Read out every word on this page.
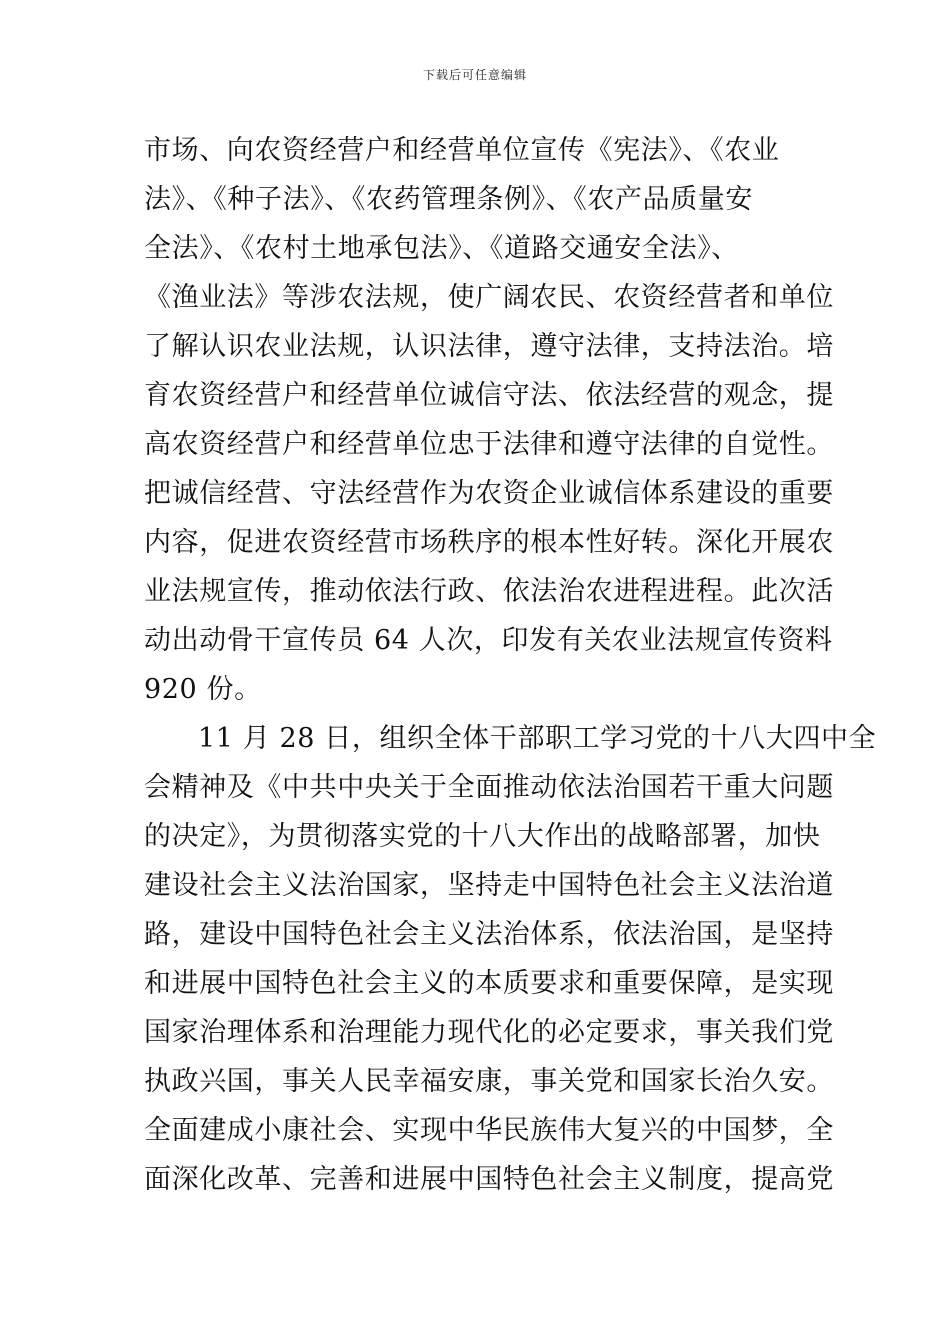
下载后可任意编辑
市场、向农资经营户和经营单位宣传《宪法》、《农业
法》、《种子法》、《农药管理条例》、《农产品质量安
全法》、《农村土地承包法》、《道路交通安全法》、
《渔业法》等涉农法规，使广阔农民、农资经营者和单位
了解认识农业法规，认识法律，遵守法律，支持法治。培
育农资经营户和经营单位诚信守法、依法经营的观念，提
高农资经营户和经营单位忠于法律和遵守法律的自觉性。
把诚信经营、守法经营作为农资企业诚信体系建设的重要
内容，促进农资经营市场秩序的根本性好转。深化开展农
业法规宣传，推动依法行政、依法治农进程进程。此次活
动出动骨干宣传员 64 人次，印发有关农业法规宣传资料
920 份。
11 月 28 日，组织全体干部职工学习党的十八大四中全
会精神及《中共中央关于全面推动依法治国若干重大问题
的决定》，为贯彻落实党的十八大作出的战略部署，加快
建设社会主义法治国家，坚持走中国特色社会主义法治道
路，建设中国特色社会主义法治体系，依法治国，是坚持
和进展中国特色社会主义的本质要求和重要保障，是实现
国家治理体系和治理能力现代化的必定要求，事关我们党
执政兴国，事关人民幸福安康，事关党和国家长治久安。
全面建成小康社会、实现中华民族伟大复兴的中国梦，全
面深化改革、完善和进展中国特色社会主义制度，提高党
